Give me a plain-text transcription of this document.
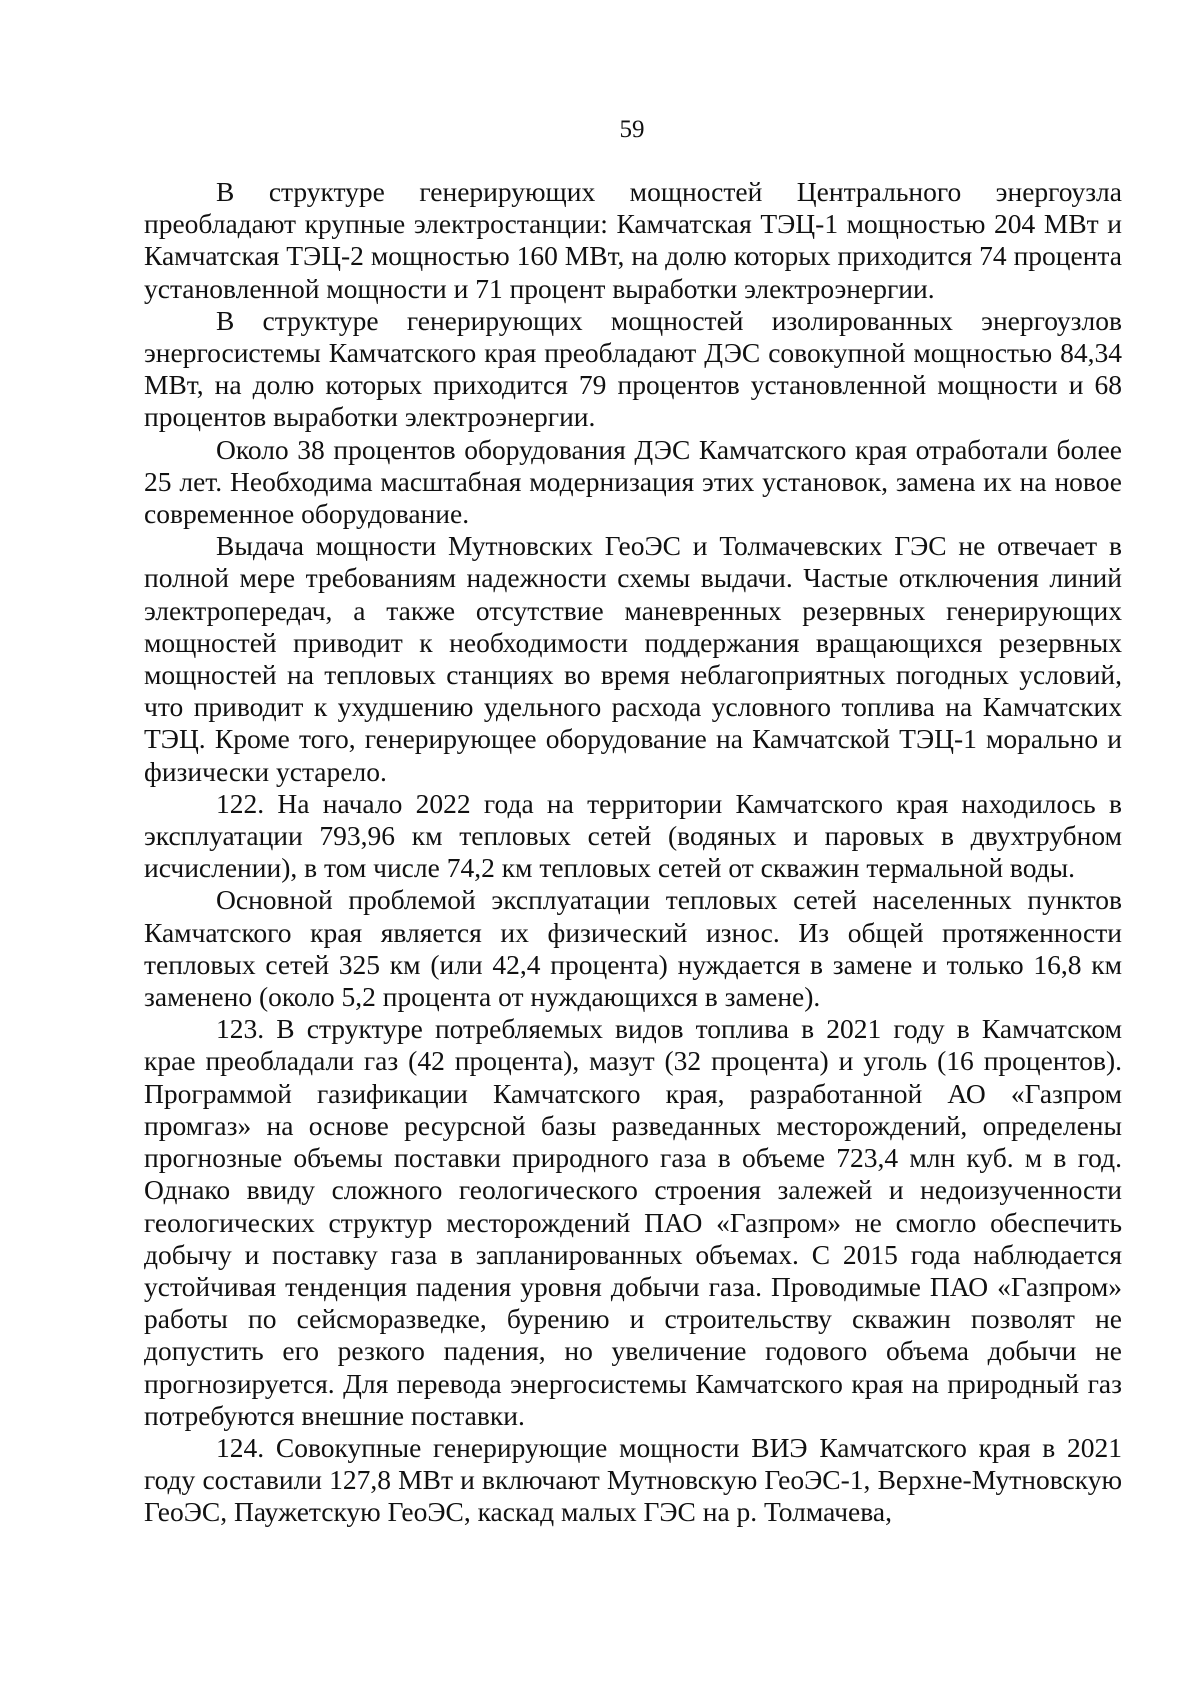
59

В структуре генерирующих мощностей Центрального энергоузла преобладают крупные электростанции: Камчатская ТЭЦ-1 мощностью 204 МВт и Камчатская ТЭЦ-2 мощностью 160 МВт, на долю которых приходится 74 процента установленной мощности и 71 процент выработки электроэнергии.

В структуре генерирующих мощностей изолированных энергоузлов энергосистемы Камчатского края преобладают ДЭС совокупной мощностью 84,34 МВт, на долю которых приходится 79 процентов установленной мощности и 68 процентов выработки электроэнергии.

Около 38 процентов оборудования ДЭС Камчатского края отработали более 25 лет. Необходима масштабная модернизация этих установок, замена их на новое современное оборудование.

Выдача мощности Мутновских ГеоЭС и Толмачевских ГЭС не отвечает в полной мере требованиям надежности схемы выдачи. Частые отключения линий электропередач, а также отсутствие маневренных резервных генерирующих мощностей приводит к необходимости поддержания вращающихся резервных мощностей на тепловых станциях во время неблагоприятных погодных условий, что приводит к ухудшению удельного расхода условного топлива на Камчатских ТЭЦ. Кроме того, генерирующее оборудование на Камчатской ТЭЦ-1 морально и физически устарело.

122. На начало 2022 года на территории Камчатского края находилось в эксплуатации 793,96 км тепловых сетей (водяных и паровых в двухтрубном исчислении), в том числе 74,2 км тепловых сетей от скважин термальной воды.

Основной проблемой эксплуатации тепловых сетей населенных пунктов Камчатского края является их физический износ. Из общей протяженности тепловых сетей 325 км (или 42,4 процента) нуждается в замене и только 16,8 км заменено (около 5,2 процента от нуждающихся в замене).

123. В структуре потребляемых видов топлива в 2021 году в Камчатском крае преобладали газ (42 процента), мазут (32 процента) и уголь (16 процентов). Программой газификации Камчатского края, разработанной АО «Газпром промгаз» на основе ресурсной базы разведанных месторождений, определены прогнозные объемы поставки природного газа в объеме 723,4 млн куб. м в год. Однако ввиду сложного геологического строения залежей и недоизученности геологических структур месторождений ПАО «Газпром» не смогло обеспечить добычу и поставку газа в запланированных объемах. С 2015 года наблюдается устойчивая тенденция падения уровня добычи газа. Проводимые ПАО «Газпром» работы по сейсморазведке, бурению и строительству скважин позволят не допустить его резкого падения, но увеличение годового объема добычи не прогнозируется. Для перевода энергосистемы Камчатского края на природный газ потребуются внешние поставки.

124. Совокупные генерирующие мощности ВИЭ Камчатского края в 2021 году составили 127,8 МВт и включают Мутновскую ГеоЭС-1, Верхне-Мутновскую ГеоЭС, Паужетскую ГеоЭС, каскад малых ГЭС на р. Толмачева,
